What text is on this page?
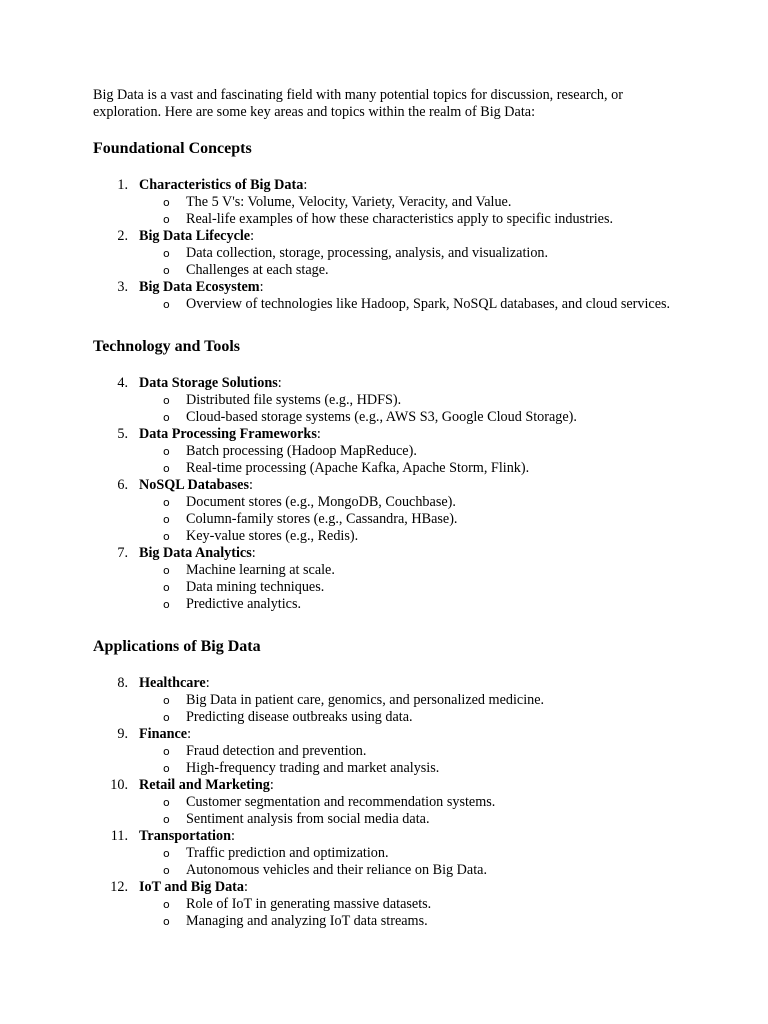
Big Data is a vast and fascinating field with many potential topics for discussion, research, or exploration. Here are some key areas and topics within the realm of Big Data:

Foundational Concepts
1. Characteristics of Big Data:
o The 5 V's: Volume, Velocity, Variety, Veracity, and Value.
o Real-life examples of how these characteristics apply to specific industries.
2. Big Data Lifecycle:
o Data collection, storage, processing, analysis, and visualization.
o Challenges at each stage.
3. Big Data Ecosystem:
o Overview of technologies like Hadoop, Spark, NoSQL databases, and cloud services.
Technology and Tools
4. Data Storage Solutions:
o Distributed file systems (e.g., HDFS).
o Cloud-based storage systems (e.g., AWS S3, Google Cloud Storage).
5. Data Processing Frameworks:
o Batch processing (Hadoop MapReduce).
o Real-time processing (Apache Kafka, Apache Storm, Flink).
6. NoSQL Databases:
o Document stores (e.g., MongoDB, Couchbase).
o Column-family stores (e.g., Cassandra, HBase).
o Key-value stores (e.g., Redis).
7. Big Data Analytics:
o Machine learning at scale.
o Data mining techniques.
o Predictive analytics.
Applications of Big Data
8. Healthcare:
o Big Data in patient care, genomics, and personalized medicine.
o Predicting disease outbreaks using data.
9. Finance:
o Fraud detection and prevention.
o High-frequency trading and market analysis.
10. Retail and Marketing:
o Customer segmentation and recommendation systems.
o Sentiment analysis from social media data.
11. Transportation:
o Traffic prediction and optimization.
o Autonomous vehicles and their reliance on Big Data.
12. IoT and Big Data:
o Role of IoT in generating massive datasets.
o Managing and analyzing IoT data streams.
